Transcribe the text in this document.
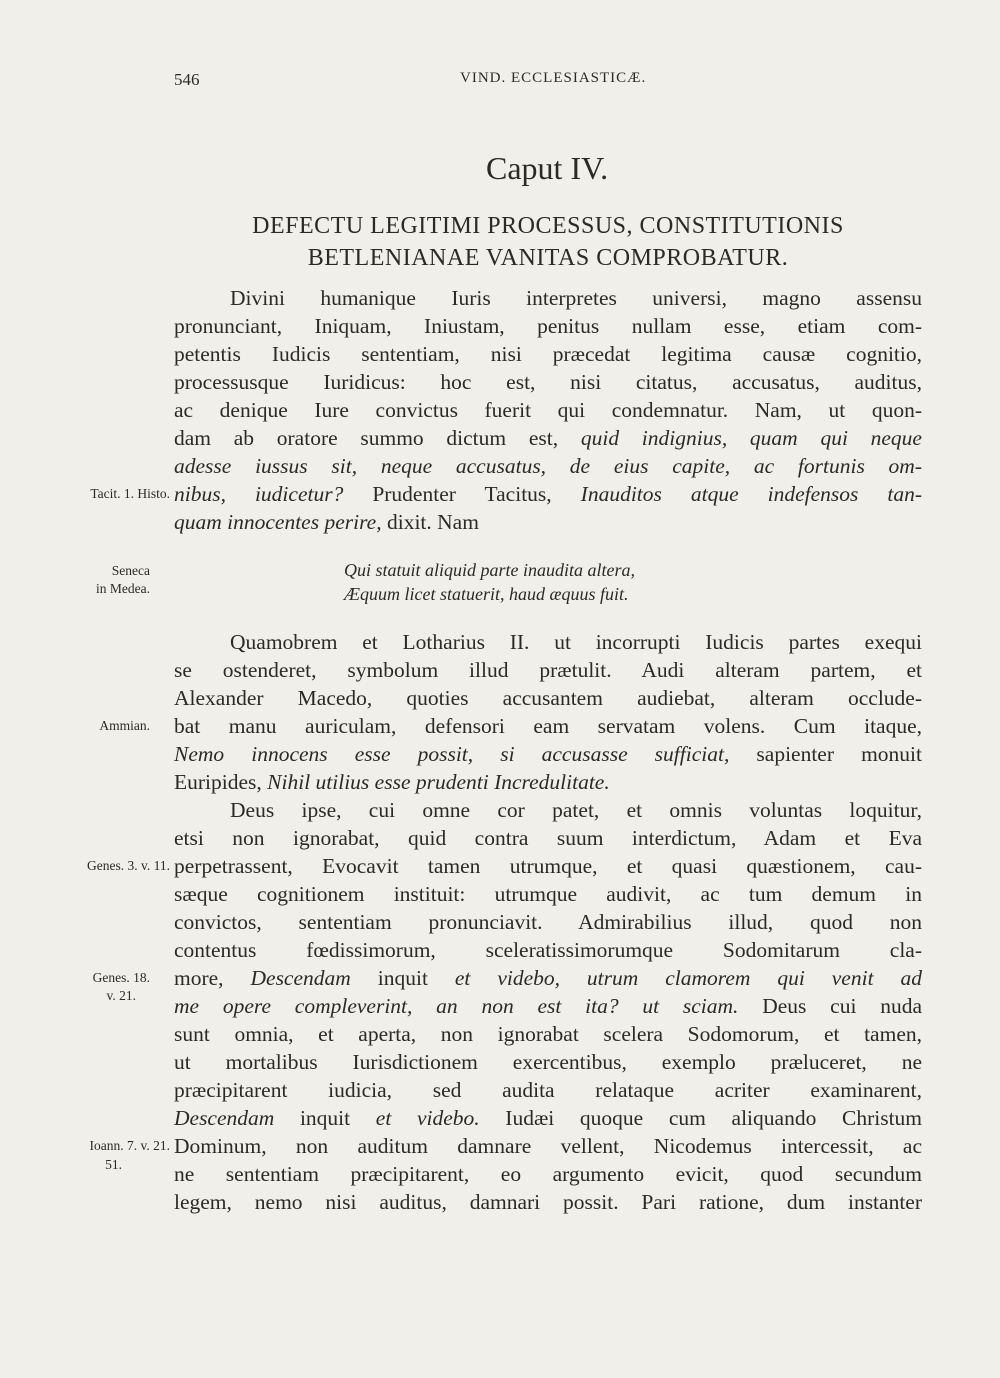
546	VIND. ECCLESIASTICÆ.
Caput IV.
DEFECTU LEGITIMI PROCESSUS, CONSTITUTIONIS
BETLENIANAE VANITAS COMPROBATUR.
Divini humanique Iuris interpretes universi, magno assensu
pronunciant, Iniquam, Iniustam, penitus nullam esse, etiam com-
petentis Iudicis sententiam, nisi præcedat legitima causæ cognitio,
processusque Iuridicus: hoc est, nisi citatus, accusatus, auditus,
ac denique Iure convictus fuerit qui condemnatur. Nam, ut quon-
dam ab oratore summo dictum est, quid indignius, quam qui neque
adesse iussus sit, neque accusatus, de eius capite, ac fortunis om-
nibus, iudicetur? Prudenter Tacitus, Inauditos atque indefensos tan-
quam innocentes perire, dixit. Nam
Qui statuit aliquid parte inaudita altera,
Æquum licet statuerit, haud æquus fuit.
Quamobrem et Lotharius II. ut incorrupti Iudicis partes exequi
se ostenderet, symbolum illud prætulit. Audi alteram partem, et
Alexander Macedo, quoties accusantem audiebat, alteram occlude-
bat manu auriculam, defensori eam servatam volens. Cum itaque,
Nemo innocens esse possit, si accusasse sufficiat, sapienter monuit
Euripides, Nihil utilius esse prudenti Incredulitate.
Deus ipse, cui omne cor patet, et omnis voluntas loquitur,
etsi non ignorabat, quid contra suum interdictum, Adam et Eva
perpetrassent, Evocavit tamen utrumque, et quasi quæstionem, cau-
sæque cognitionem instituit: utrumque audivit, ac tum demum in
convictos, sententiam pronunciavit. Admirabilius illud, quod non
contentus fœdissimorum, sceleratissimorumque Sodomitarum cla-
more, Descendam inquit et videbo, utrum clamorem qui venit ad
me opere compleverint, an non est ita? ut sciam. Deus cui nuda
sunt omnia, et aperta, non ignorabat scelera Sodomorum, et tamen,
ut mortalibus Iurisdictionem exercentibus, exemplo præluceret, ne
præcipitarent iudicia, sed audita relataque acriter examinarent,
Descendam inquit et videbo. Iudæi quoque cum aliquando Christum
Dominum, non auditum damnare vellent, Nicodemus intercessit, ac
ne sententiam præcipitarent, eo argumento evicit, quod secundum
legem, nemo nisi auditus, damnari possit. Pari ratione, dum instanter
Tacit. 1. Histo.
Seneca
in Medea.
Ammian.
Genes. 3. v. 11.
Genes. 18.
v. 21.
Ioann. 7. v. 21.
51.
